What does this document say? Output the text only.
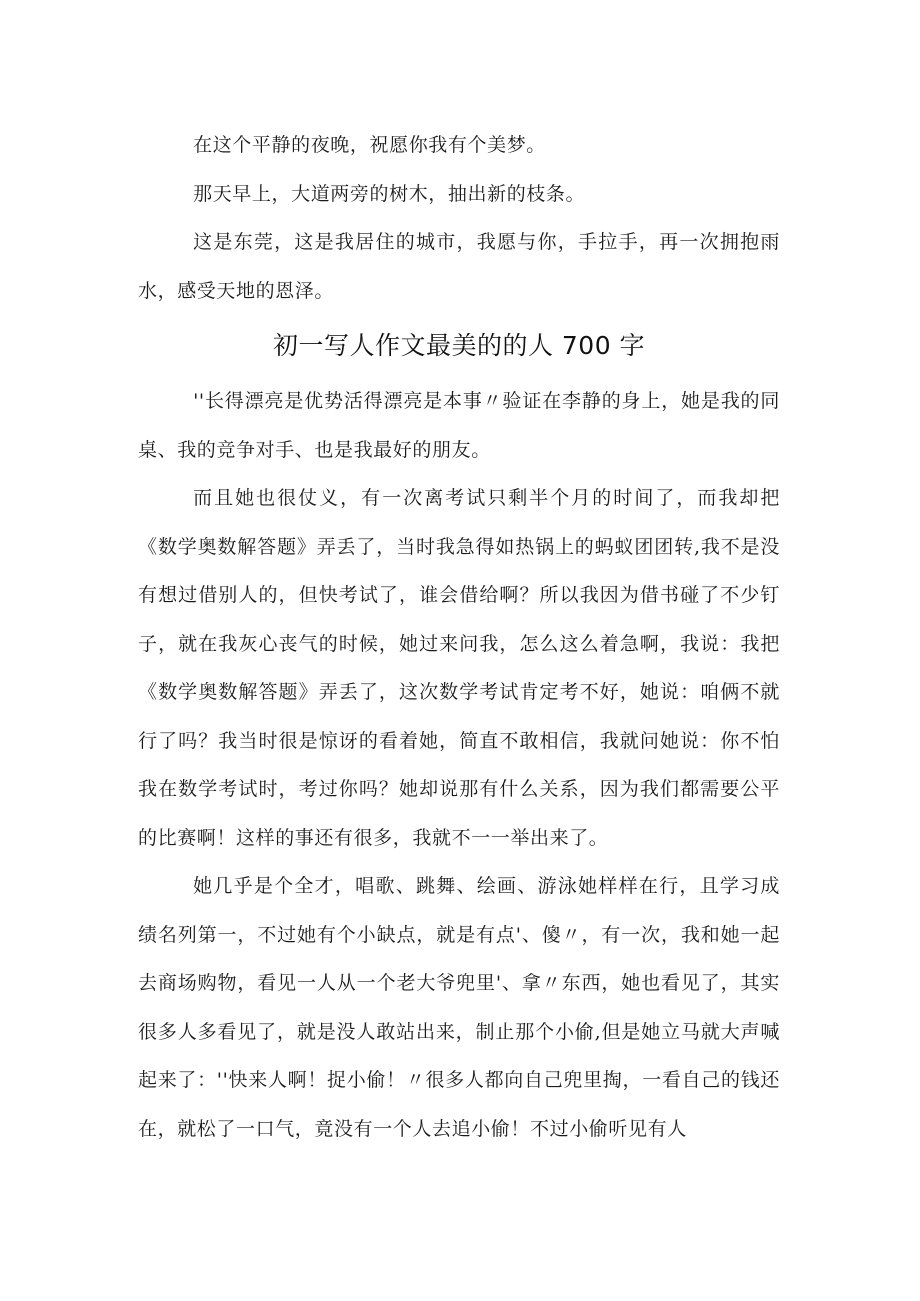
在这个平静的夜晚，祝愿你我有个美梦。

那天早上，大道两旁的树木，抽出新的枝条。

这是东莞，这是我居住的城市，我愿与你，手拉手，再一次拥抱雨水，感受天地的恩泽。

初一写人作文最美的的人 700 字

''长得漂亮是优势活得漂亮是本事〃验证在李静的身上，她是我的同桌、我的竞争对手、也是我最好的朋友。

而且她也很仗义，有一次离考试只剩半个月的时间了，而我却把《数学奥数解答题》弄丢了，当时我急得如热锅上的蚂蚁团团转,我不是没有想过借别人的，但快考试了，谁会借给啊？所以我因为借书碰了不少钉子，就在我灰心丧气的时候，她过来问我，怎么这么着急啊，我说：我把《数学奥数解答题》弄丢了，这次数学考试肯定考不好，她说：咱俩不就行了吗？我当时很是惊讶的看着她，简直不敢相信，我就问她说：你不怕我在数学考试时，考过你吗？她却说那有什么关系，因为我们都需要公平的比赛啊！这样的事还有很多，我就不一一举出来了。

她几乎是个全才，唱歌、跳舞、绘画、游泳她样样在行，且学习成绩名列第一，不过她有个小缺点，就是有点'、傻〃，有一次，我和她一起去商场购物，看见一人从一个老大爷兜里'、拿〃东西，她也看见了，其实很多人多看见了，就是没人敢站出来，制止那个小偷,但是她立马就大声喊起来了：''快来人啊！捉小偷！〃很多人都向自己兜里掏，一看自己的钱还在，就松了一口气，竟没有一个人去追小偷！不过小偷听见有人
